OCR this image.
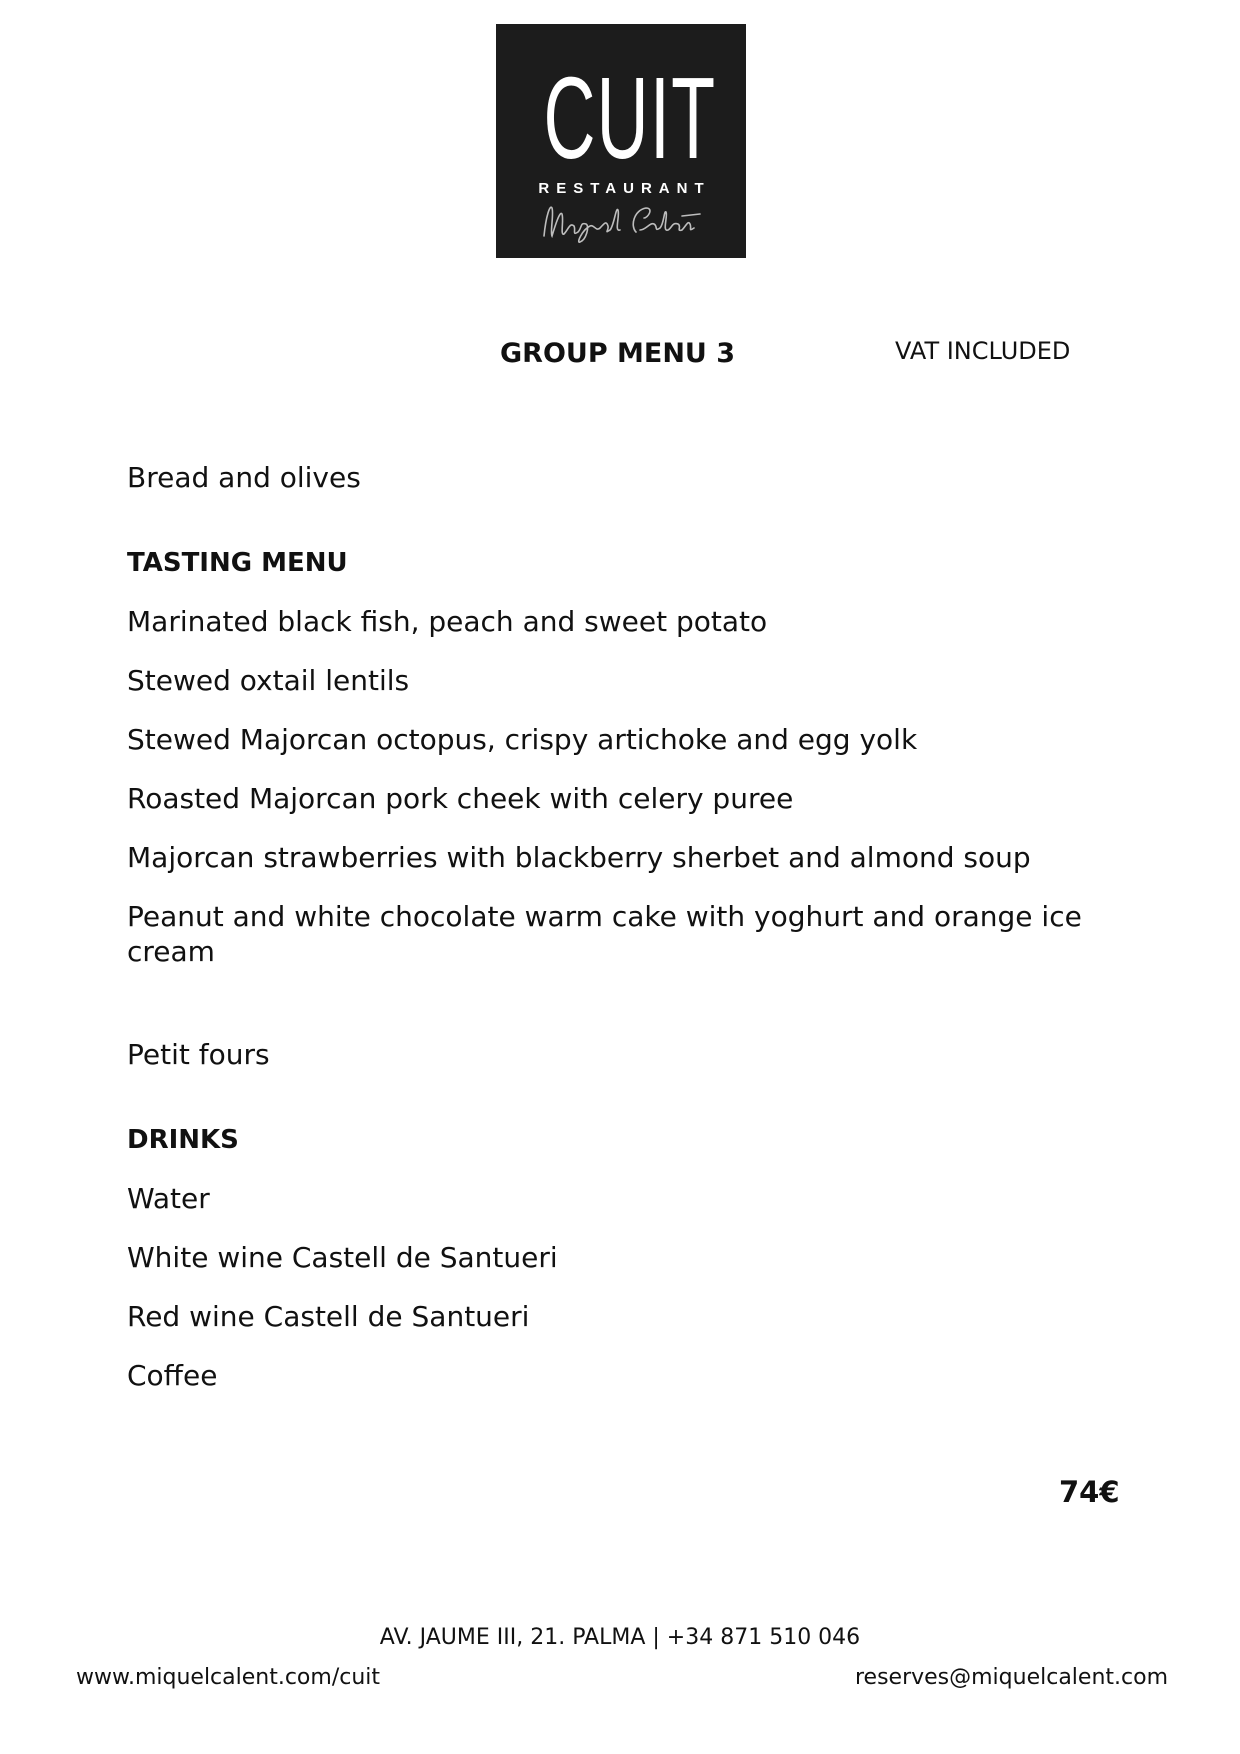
CUIT
RESTAURANT
GROUP MENU 3	VAT INCLUDED

Bread and olives

TASTING MENU

Marinated black fish, peach and sweet potato

Stewed oxtail lentils

Stewed Majorcan octopus, crispy artichoke and egg yolk

Roasted Majorcan pork cheek with celery puree

Majorcan strawberries with blackberry sherbet and almond soup

Peanut and white chocolate warm cake with yoghurt and orange ice cream

Petit fours

DRINKS

Water

White wine Castell de Santueri

Red wine Castell de Santueri

Coffee

74€
AV. JAUME III, 21. PALMA | +34 871 510 046
www.miquelcalent.com/cuit	reserves@miquelcalent.com
